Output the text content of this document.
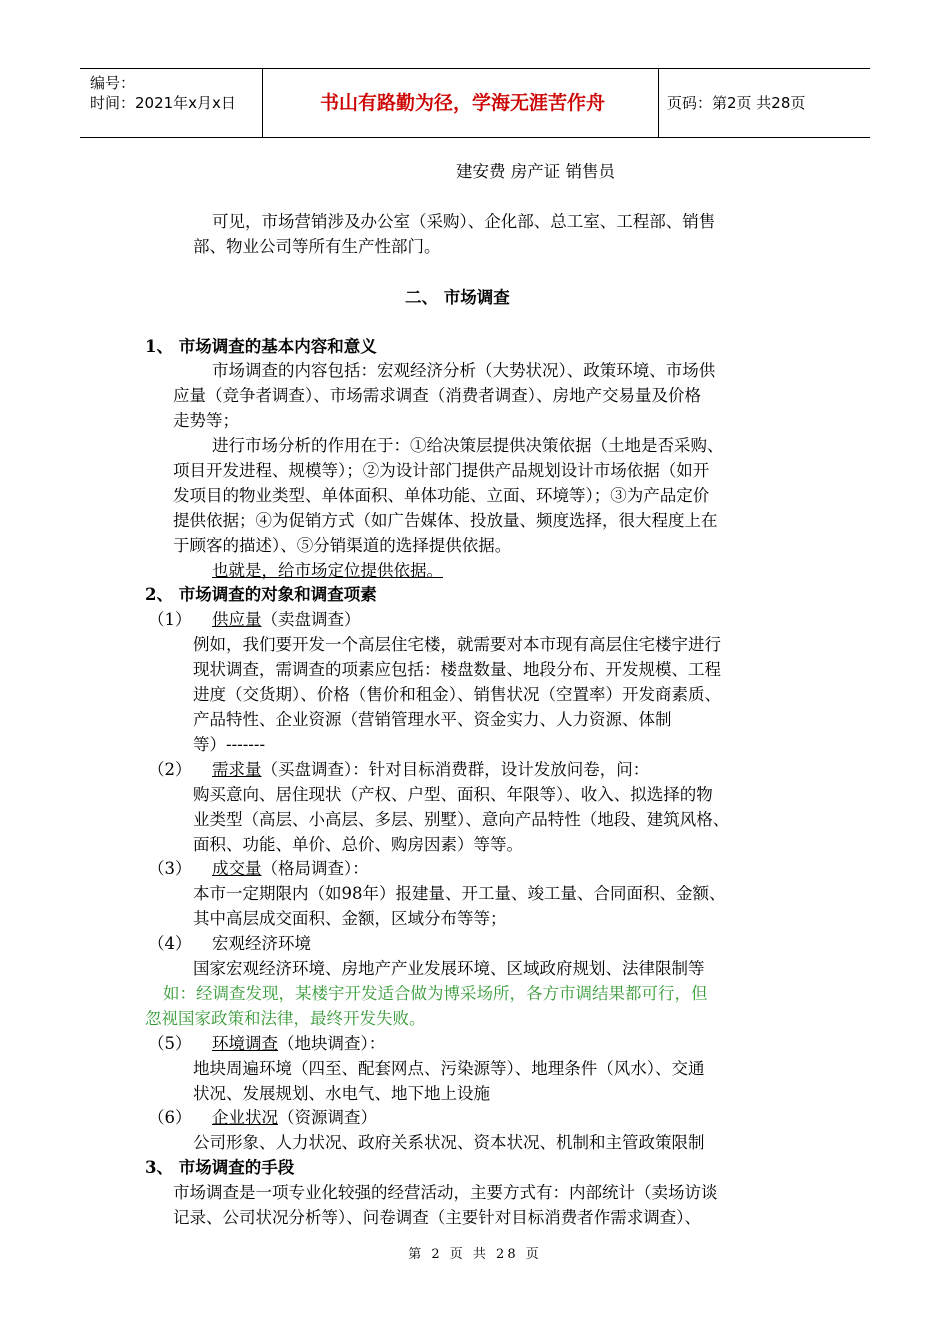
编号：
时间：2021年x月x日	书山有路勤为径，学海无涯苦作舟	页码：第2页 共28页
建安费 房产证 销售员
可见，市场营销涉及办公室（采购）、企化部、总工室、工程部、销售
部、物业公司等所有生产性部门。
二、 市场调查
1、 市场调查的基本内容和意义
市场调查的内容包括：宏观经济分析（大势状况）、政策环境、市场供
应量（竞争者调查）、市场需求调查（消费者调查）、房地产交易量及价格
走势等；
进行市场分析的作用在于：①给决策层提供决策依据（土地是否采购、
项目开发进程、规模等）；②为设计部门提供产品规划设计市场依据（如开
发项目的物业类型、单体面积、单体功能、立面、环境等）；③为产品定价
提供依据；④为促销方式（如广告媒体、投放量、频度选择，很大程度上在
于顾客的描述）、⑤分销渠道的选择提供依据。
也就是，给市场定位提供依据。
2、 市场调查的对象和调查项素
（1） 供应量（卖盘调查）
例如，我们要开发一个高层住宅楼，就需要对本市现有高层住宅楼宇进行
现状调查，需调查的项素应包括：楼盘数量、地段分布、开发规模、工程
进度（交货期）、价格（售价和租金）、销售状况（空置率）开发商素质、
产品特性、企业资源（营销管理水平、资金实力、人力资源、体制
等）-------
（2） 需求量（买盘调查）：针对目标消费群，设计发放问卷，问：
购买意向、居住现状（产权、户型、面积、年限等）、收入、拟选择的物
业类型（高层、小高层、多层、别墅）、意向产品特性（地段、建筑风格、
面积、功能、单价、总价、购房因素）等等。
（3） 成交量（格局调查）：
本市一定期限内（如98年）报建量、开工量、竣工量、合同面积、金额、
其中高层成交面积、金额，区域分布等等；
（4） 宏观经济环境
国家宏观经济环境、房地产产业发展环境、区域政府规划、法律限制等
如：经调查发现，某楼宇开发适合做为博采场所，各方市调结果都可行，但
忽视国家政策和法律，最终开发失败。
（5） 环境调查（地块调查）：
地块周遍环境（四至、配套网点、污染源等）、地理条件（风水）、交通
状况、发展规划、水电气、地下地上设施
（6） 企业状况（资源调查）
公司形象、人力状况、政府关系状况、资本状况、机制和主管政策限制
3、 市场调查的手段
市场调查是一项专业化较强的经营活动，主要方式有：内部统计（卖场访谈
记录、公司状况分析等）、问卷调查（主要针对目标消费者作需求调查）、
第 2 页 共 28 页
